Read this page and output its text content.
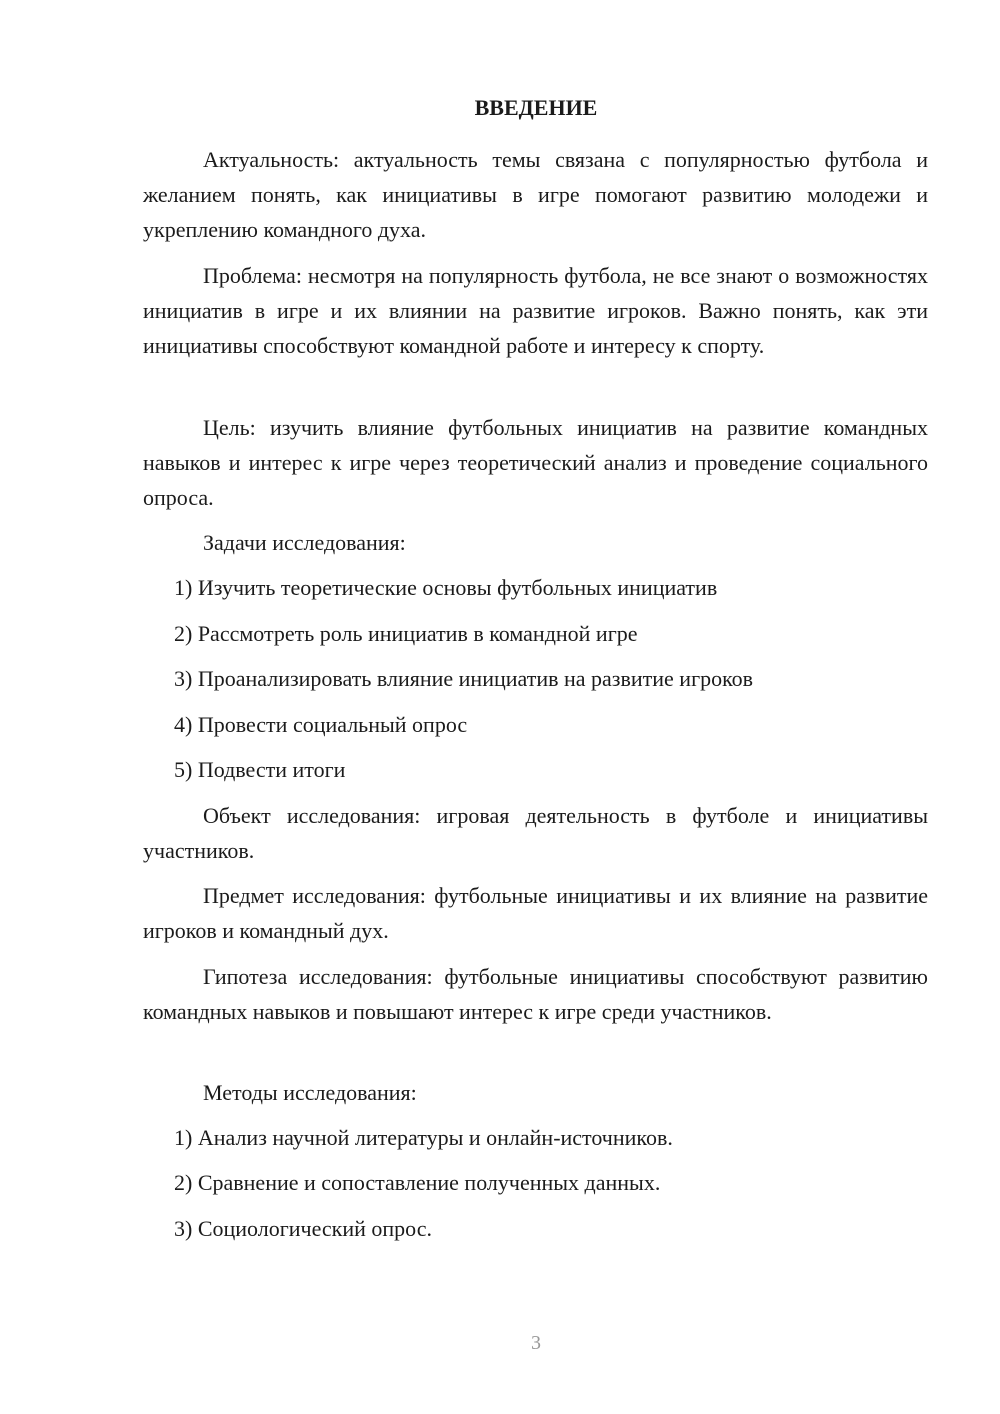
ВВЕДЕНИЕ

Актуальность: актуальность темы связана с популярностью футбола и желанием понять, как инициативы в игре помогают развитию молодежи и укреплению командного духа.

Проблема: несмотря на популярность футбола, не все знают о возможностях инициатив в игре и их влиянии на развитие игроков. Важно понять, как эти инициативы способствуют командной работе и интересу к спорту.

Цель: изучить влияние футбольных инициатив на развитие командных навыков и интерес к игре через теоретический анализ и проведение социального опроса.

Задачи исследования:

1) Изучить теоретические основы футбольных инициатив

2) Рассмотреть роль инициатив в командной игре

3) Проанализировать влияние инициатив на развитие игроков

4) Провести социальный опрос

5) Подвести итоги

Объект исследования: игровая деятельность в футболе и инициативы участников.

Предмет исследования: футбольные инициативы и их влияние на развитие игроков и командный дух.

Гипотеза исследования: футбольные инициативы способствуют развитию командных навыков и повышают интерес к игре среди участников.

Методы исследования:

1) Анализ научной литературы и онлайн-источников.

2) Сравнение и сопоставление полученных данных.

3) Социологический опрос.

3
